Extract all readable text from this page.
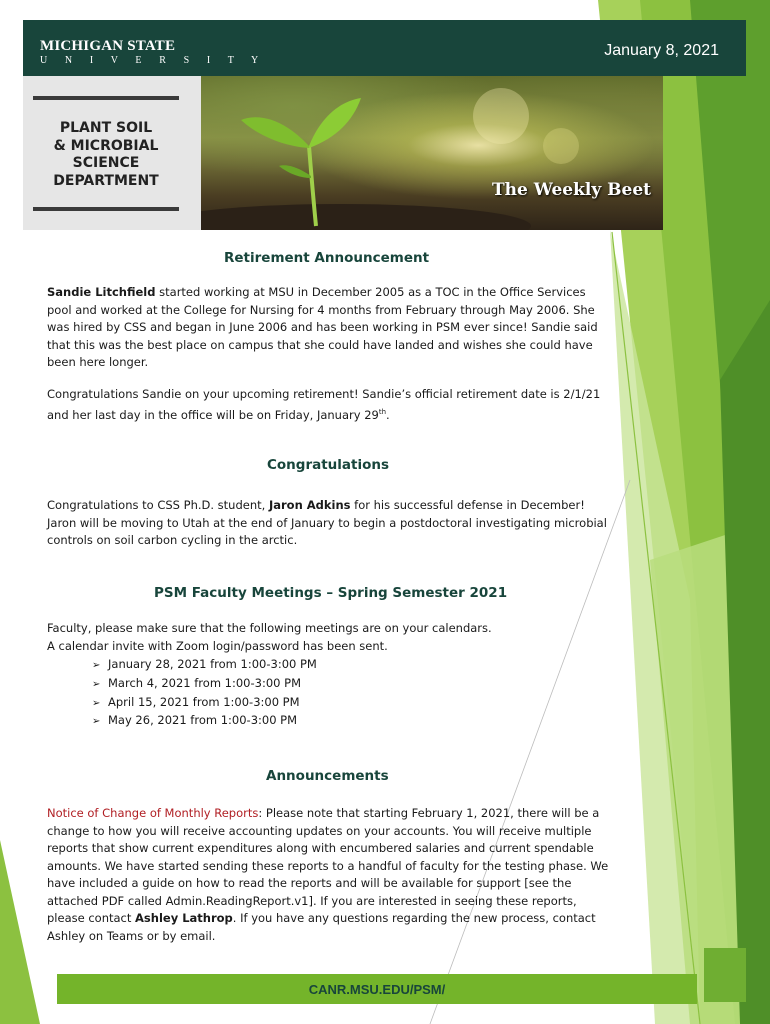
MICHIGAN STATE
U N I V E R S I T Y
January 8, 2021
PLANT SOIL
& MICROBIAL
SCIENCE
DEPARTMENT	The Weekly Beet
Retirement Announcement
Sandie Litchfield started working at MSU in December 2005 as a TOC in the Office Services pool and worked at the College for Nursing for 4 months from February through May 2006. She was hired by CSS and began in June 2006 and has been working in PSM ever since! Sandie said that this was the best place on campus that she could have landed and wishes she could have been here longer.
Congratulations Sandie on your upcoming retirement! Sandie’s official retirement date is 2/1/21 and her last day in the office will be on Friday, January 29th.
Congratulations
Congratulations to CSS Ph.D. student, Jaron Adkins for his successful defense in December! Jaron will be moving to Utah at the end of January to begin a postdoctoral investigating microbial controls on soil carbon cycling in the arctic.
PSM Faculty Meetings – Spring Semester 2021
Faculty, please make sure that the following meetings are on your calendars.
A calendar invite with Zoom login/password has been sent.
➢ January 28, 2021 from 1:00-3:00 PM
➢ March 4, 2021 from 1:00-3:00 PM
➢ April 15, 2021 from 1:00-3:00 PM
➢ May 26, 2021 from 1:00-3:00 PM
Announcements
Notice of Change of Monthly Reports: Please note that starting February 1, 2021, there will be a change to how you will receive accounting updates on your accounts. You will receive multiple reports that show current expenditures along with encumbered salaries and current spendable amounts. We have started sending these reports to a handful of faculty for the testing phase. We have included a guide on how to read the reports and will be available for support [see the attached PDF called Admin.ReadingReport.v1]. If you are interested in seeing these reports, please contact Ashley Lathrop. If you have any questions regarding the new process, contact Ashley on Teams or by email.
CANR.MSU.EDU/PSM/
